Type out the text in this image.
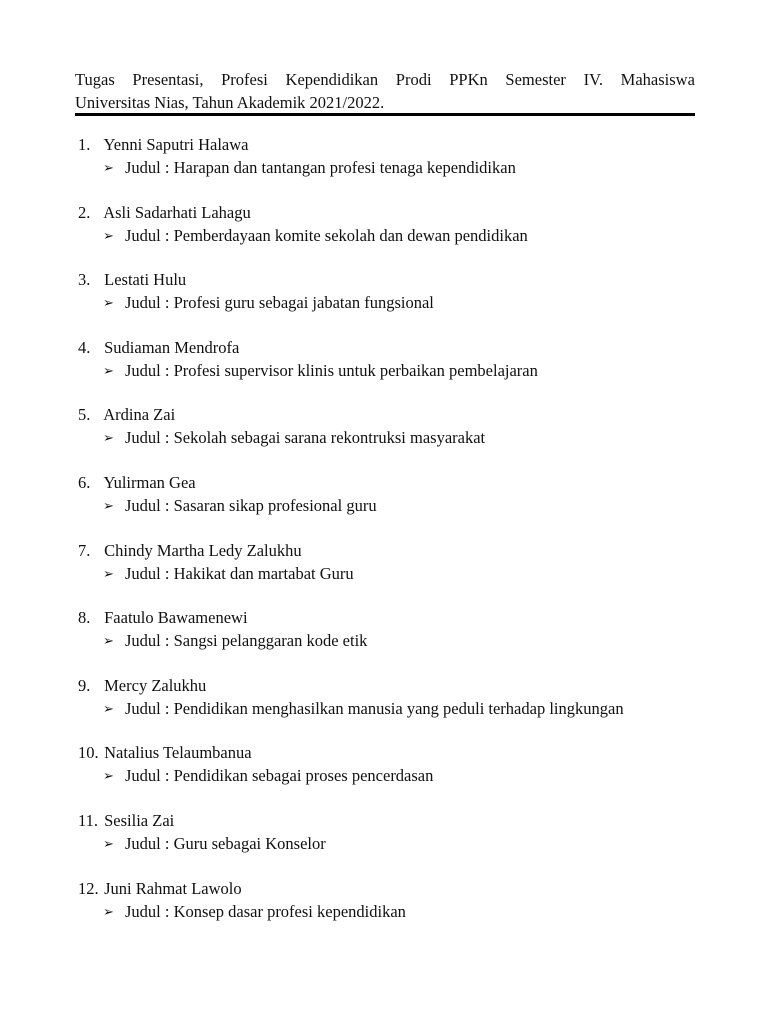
Tugas Presentasi, Profesi Kependidikan Prodi PPKn Semester IV. Mahasiswa
Universitas Nias, Tahun Akademik 2021/2022.
1. Yenni Saputri Halawa
➢ Judul : Harapan dan tantangan profesi tenaga kependidikan
2. Asli Sadarhati Lahagu
➢ Judul : Pemberdayaan komite sekolah dan dewan pendidikan
3. Lestati Hulu
➢ Judul : Profesi guru sebagai jabatan fungsional
4. Sudiaman Mendrofa
➢ Judul : Profesi supervisor klinis untuk perbaikan pembelajaran
5. Ardina Zai
➢ Judul : Sekolah sebagai sarana rekontruksi masyarakat
6. Yulirman Gea
➢ Judul : Sasaran sikap profesional guru
7. Chindy Martha Ledy Zalukhu
➢ Judul : Hakikat dan martabat Guru
8. Faatulo Bawamenewi
➢ Judul : Sangsi pelanggaran kode etik
9. Mercy Zalukhu
➢ Judul : Pendidikan menghasilkan manusia yang peduli terhadap lingkungan
10. Natalius Telaumbanua
➢ Judul : Pendidikan sebagai proses pencerdasan
11. Sesilia Zai
➢ Judul : Guru sebagai Konselor
12. Juni Rahmat Lawolo
➢ Judul : Konsep dasar profesi kependidikan
